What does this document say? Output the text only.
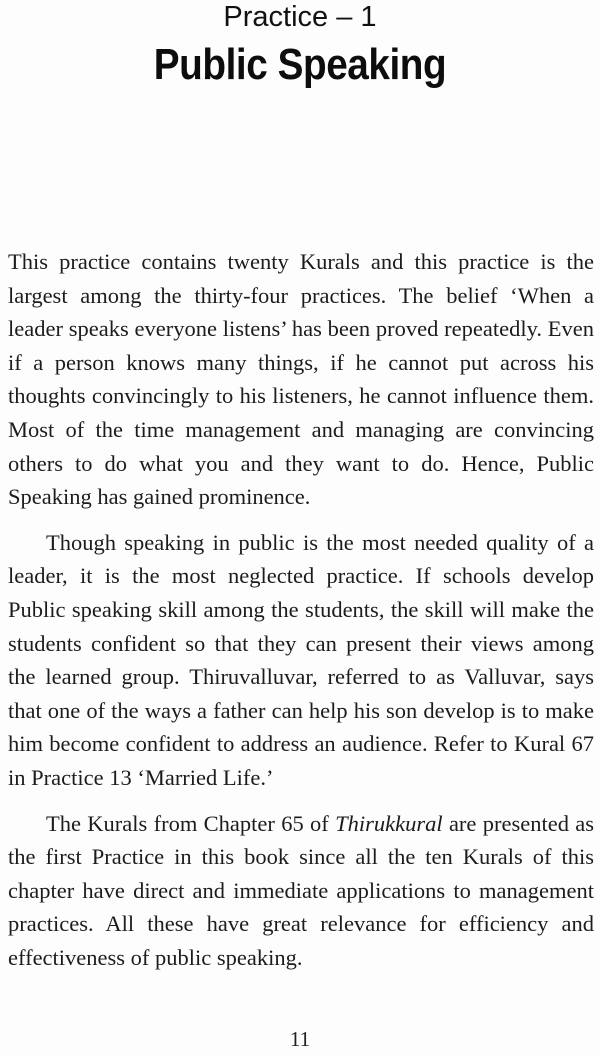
Practice – 1
Public Speaking

This practice contains twenty Kurals and this practice is the largest among the thirty-four practices. The belief ‘When a leader speaks everyone listens’ has been proved repeatedly. Even if a person knows many things, if he cannot put across his thoughts convincingly to his listeners, he cannot influence them. Most of the time management and managing are convincing others to do what you and they want to do. Hence, Public Speaking has gained prominence.

Though speaking in public is the most needed quality of a leader, it is the most neglected practice. If schools develop Public speaking skill among the students, the skill will make the students confident so that they can present their views among the learned group. Thiruvalluvar, referred to as Valluvar, says that one of the ways a father can help his son develop is to make him become confident to address an audience. Refer to Kural 67 in Practice 13 ‘Married Life.’

The Kurals from Chapter 65 of Thirukkural are presented as the first Practice in this book since all the ten Kurals of this chapter have direct and immediate applications to management practices. All these have great relevance for efficiency and effectiveness of public speaking.

11
